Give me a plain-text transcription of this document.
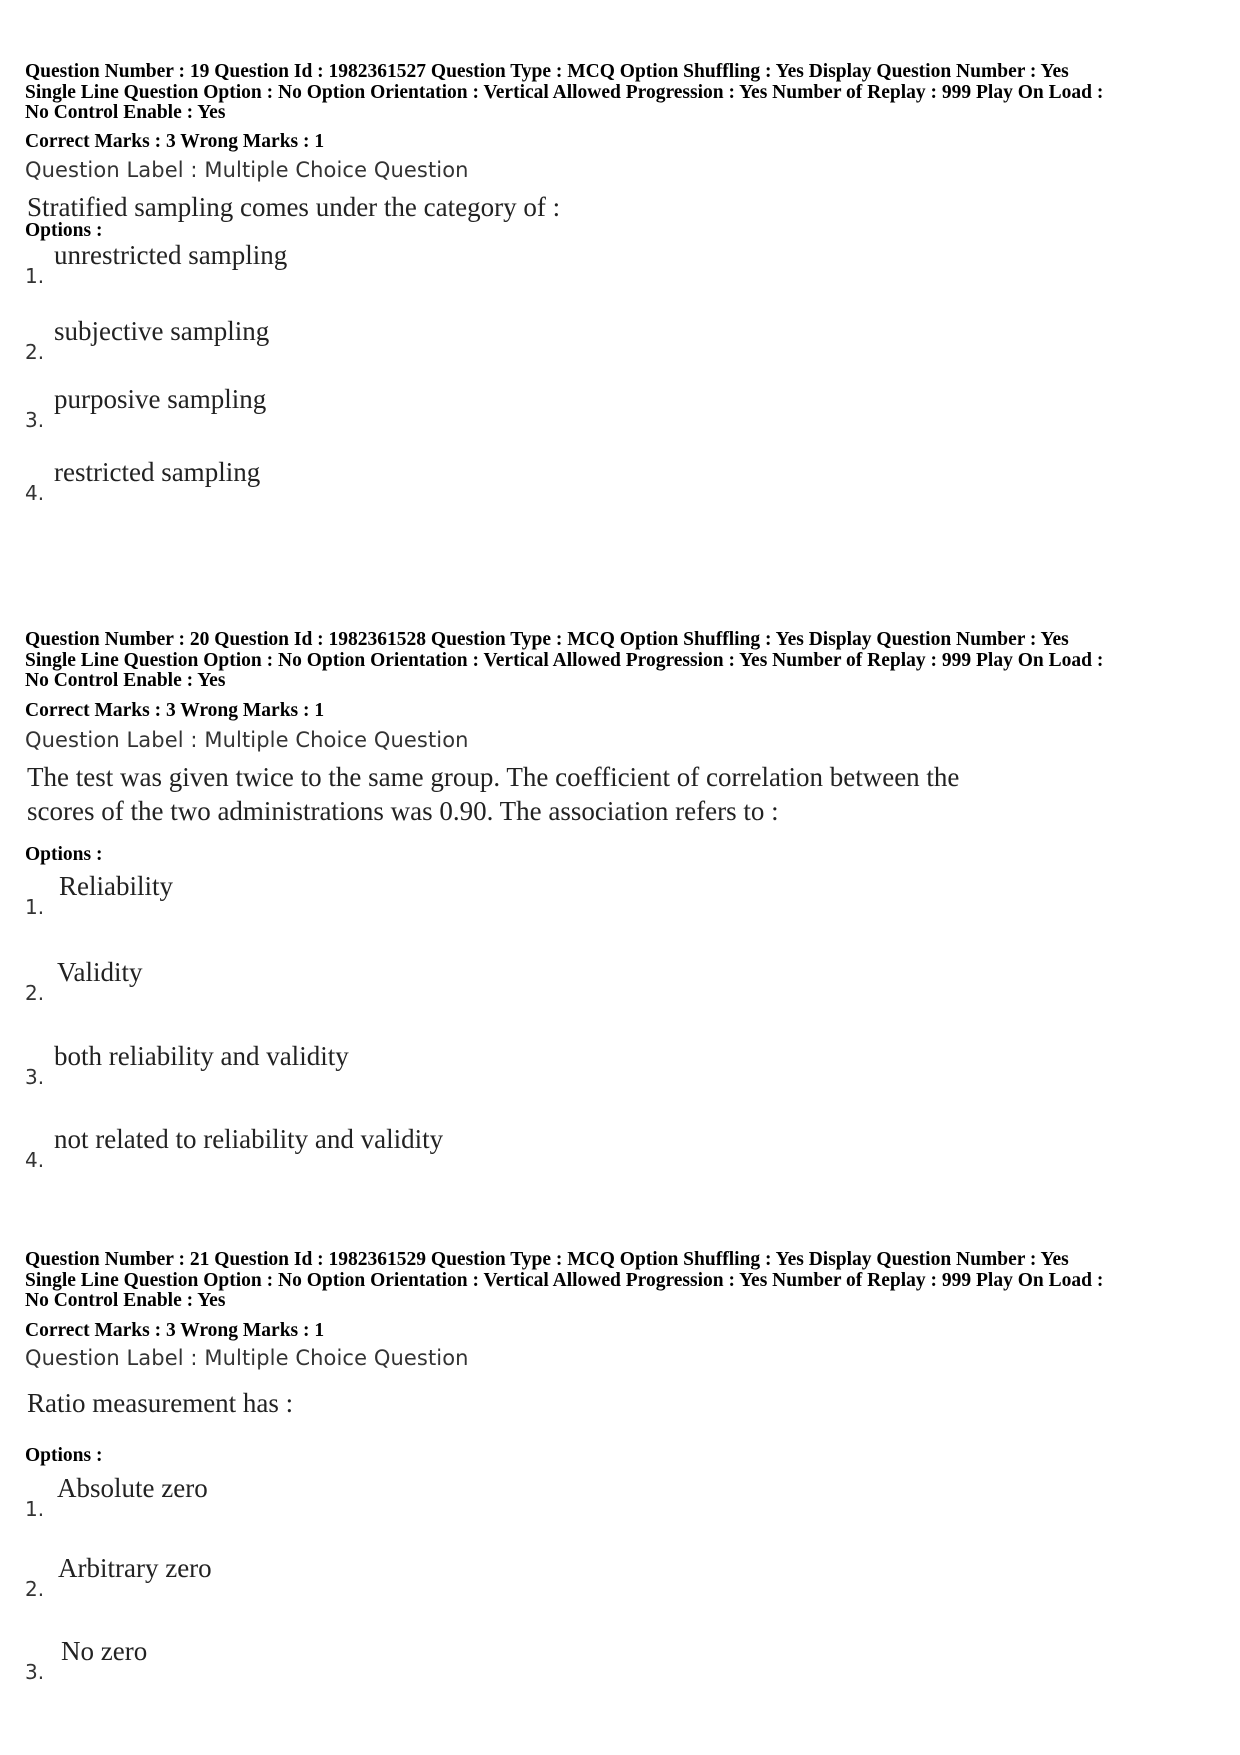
Question Number : 19 Question Id : 1982361527 Question Type : MCQ Option Shuffling : Yes Display Question Number : Yes
Single Line Question Option : No Option Orientation : Vertical Allowed Progression : Yes Number of Replay : 999 Play On Load :
No Control Enable : Yes
Correct Marks : 3 Wrong Marks : 1
Question Label : Multiple Choice Question
Stratified sampling comes under the category of :
Options :
1.
unrestricted sampling
2.
subjective sampling
3.
purposive sampling
4.
restricted sampling
Question Number : 20 Question Id : 1982361528 Question Type : MCQ Option Shuffling : Yes Display Question Number : Yes
Single Line Question Option : No Option Orientation : Vertical Allowed Progression : Yes Number of Replay : 999 Play On Load :
No Control Enable : Yes
Correct Marks : 3 Wrong Marks : 1
Question Label : Multiple Choice Question
The test was given twice to the same group. The coefficient of correlation between the
scores of the two administrations was 0.90. The association refers to :
Options :
1.
Reliability
2.
Validity
3.
both reliability and validity
4.
not related to reliability and validity
Question Number : 21 Question Id : 1982361529 Question Type : MCQ Option Shuffling : Yes Display Question Number : Yes
Single Line Question Option : No Option Orientation : Vertical Allowed Progression : Yes Number of Replay : 999 Play On Load :
No Control Enable : Yes
Correct Marks : 3 Wrong Marks : 1
Question Label : Multiple Choice Question
Ratio measurement has :
Options :
1.
Absolute zero
2.
Arbitrary zero
3.
No zero
